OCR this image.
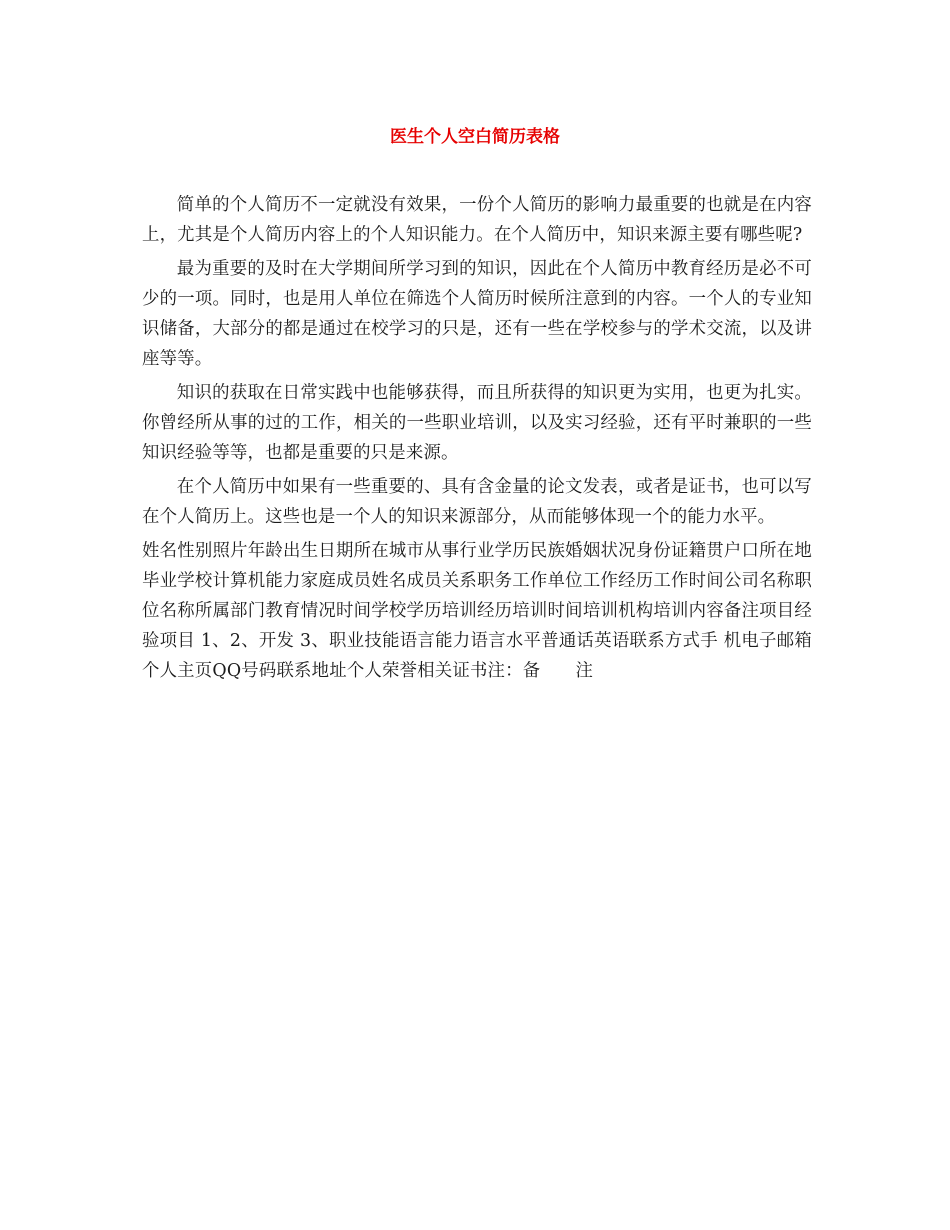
医生个人空白简历表格

简单的个人简历不一定就没有效果，一份个人简历的影响力最重要的也就是在内容上，尤其是个人简历内容上的个人知识能力。在个人简历中，知识来源主要有哪些呢?

最为重要的及时在大学期间所学习到的知识，因此在个人简历中教育经历是必不可少的一项。同时，也是用人单位在筛选个人简历时候所注意到的内容。一个人的专业知识储备，大部分的都是通过在校学习的只是，还有一些在学校参与的学术交流，以及讲座等等。

知识的获取在日常实践中也能够获得，而且所获得的知识更为实用，也更为扎实。你曾经所从事的过的工作，相关的一些职业培训，以及实习经验，还有平时兼职的一些知识经验等等，也都是重要的只是来源。

在个人简历中如果有一些重要的、具有含金量的论文发表，或者是证书，也可以写在个人简历上。这些也是一个人的知识来源部分，从而能够体现一个的能力水平。

姓名性别照片年龄出生日期所在城市从事行业学历民族婚姻状况身份证籍贯户口所在地毕业学校计算机能力家庭成员姓名成员关系职务工作单位工作经历工作时间公司名称职位名称所属部门教育情况时间学校学历培训经历培训时间培训机构培训内容备注项目经验项目 1、2、开发 3、职业技能语言能力语言水平普通话英语联系方式手 机电子邮箱个人主页QQ号码联系地址个人荣誉相关证书注：备　　注
